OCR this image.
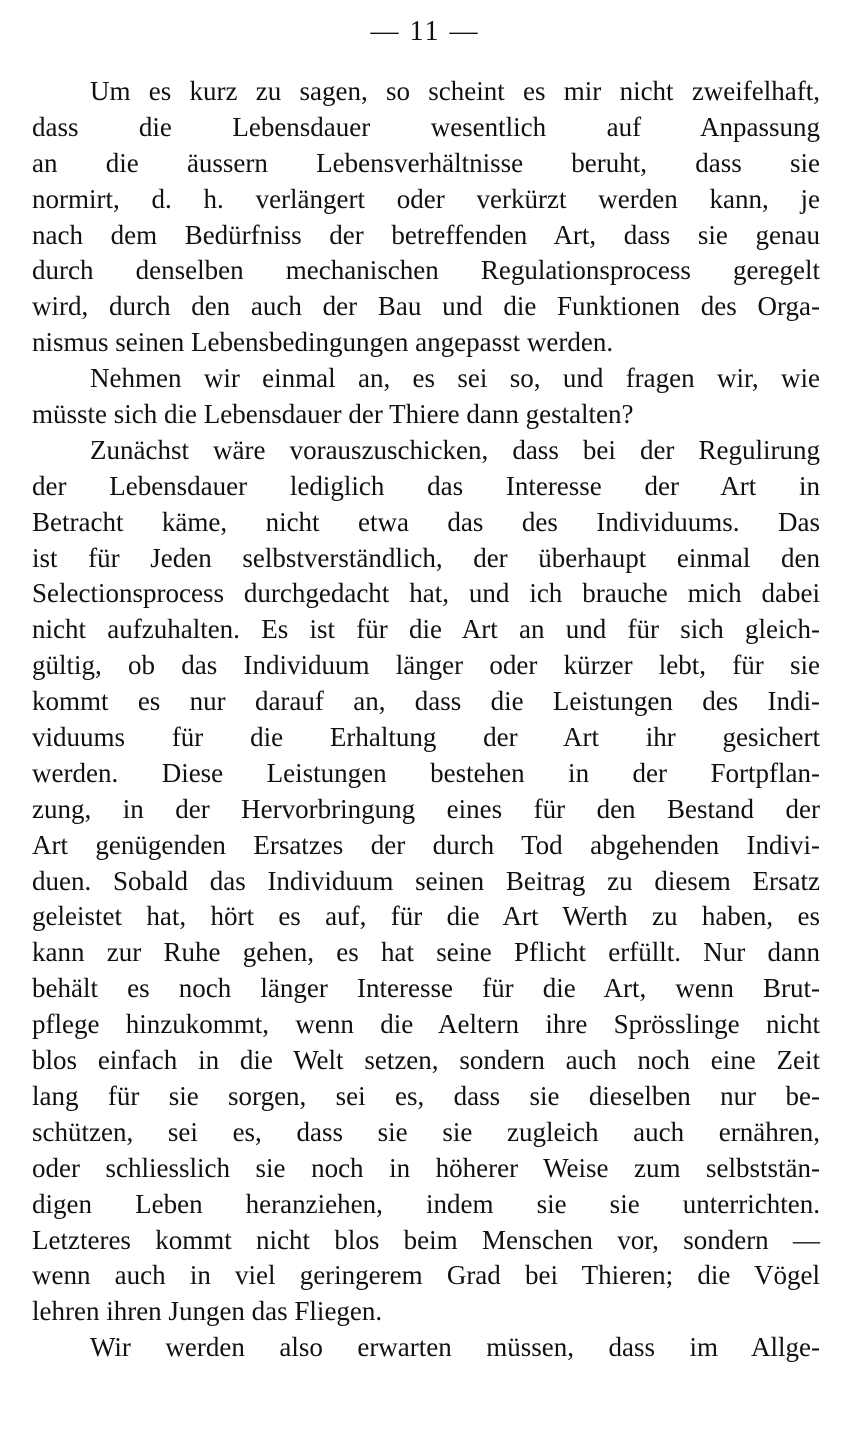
— 11 —
Um es kurz zu sagen, so scheint es mir nicht zweifelhaft,
dass die Lebensdauer wesentlich auf Anpassung
an die äussern Lebensverhältnisse beruht, dass sie
normirt, d. h. verlängert oder verkürzt werden kann, je
nach dem Bedürfniss der betreffenden Art, dass sie genau
durch denselben mechanischen Regulationsprocess geregelt
wird, durch den auch der Bau und die Funktionen des Orga-
nismus seinen Lebensbedingungen angepasst werden.
Nehmen wir einmal an, es sei so, und fragen wir, wie
müsste sich die Lebensdauer der Thiere dann gestalten?
Zunächst wäre vorauszuschicken, dass bei der Regulirung
der Lebensdauer lediglich das Interesse der Art in
Betracht käme, nicht etwa das des Individuums. Das
ist für Jeden selbstverständlich, der überhaupt einmal den
Selectionsprocess durchgedacht hat, und ich brauche mich dabei
nicht aufzuhalten. Es ist für die Art an und für sich gleich-
gültig, ob das Individuum länger oder kürzer lebt, für sie
kommt es nur darauf an, dass die Leistungen des Indi-
viduums für die Erhaltung der Art ihr gesichert
werden. Diese Leistungen bestehen in der Fortpflan-
zung, in der Hervorbringung eines für den Bestand der
Art genügenden Ersatzes der durch Tod abgehenden Indivi-
duen. Sobald das Individuum seinen Beitrag zu diesem Ersatz
geleistet hat, hört es auf, für die Art Werth zu haben, es
kann zur Ruhe gehen, es hat seine Pflicht erfüllt. Nur dann
behält es noch länger Interesse für die Art, wenn Brut-
pflege hinzukommt, wenn die Aeltern ihre Sprösslinge nicht
blos einfach in die Welt setzen, sondern auch noch eine Zeit
lang für sie sorgen, sei es, dass sie dieselben nur be-
schützen, sei es, dass sie sie zugleich auch ernähren,
oder schliesslich sie noch in höherer Weise zum selbststän-
digen Leben heranziehen, indem sie sie unterrichten.
Letzteres kommt nicht blos beim Menschen vor, sondern —
wenn auch in viel geringerem Grad bei Thieren; die Vögel
lehren ihren Jungen das Fliegen.
Wir werden also erwarten müssen, dass im Allge-
